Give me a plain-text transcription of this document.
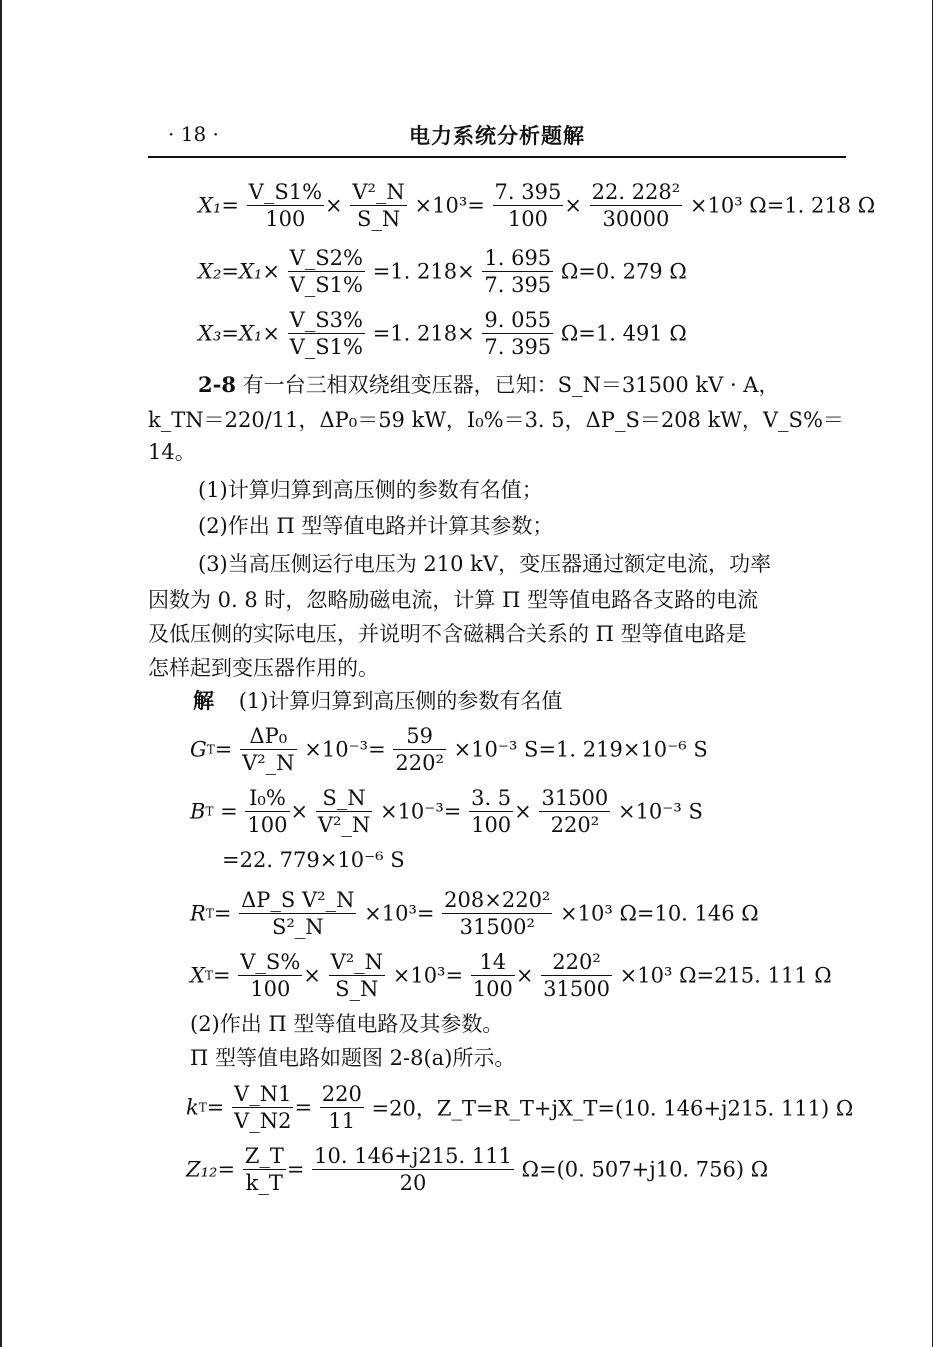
· 18 ·	电力系统分析题解
$X_1= \frac{V\_S1\%}{100} \times \frac{\text{V²\_N}}{S\_N} \times 10^3= \frac{7. 395}{100} \times \frac{\text{22. 228²}}{30000} \times 10^3$ Ω=1. 218 Ω
$X_2=X_1\times \frac{V\_S2\%}{V\_S1\%} =1$. $218\times \frac{1. 695}{7. 395} \Omega=0$. 279 Ω
$X_3=X_1\times \frac{V\_S3\%}{V\_S1\%} =1$. $218\times \frac{9. 055}{7. 395} \Omega=1$. 491 Ω
2-8 有一台三相双绕组变压器，已知：S_N＝31500 kV · A，
k_TN＝220/11，ΔP₀＝59 kW，I₀%＝3. 5，ΔP_S＝208 kW，V_S%＝
14。
(1)计算归算到高压侧的参数有名值；
(2)作出 Π 型等值电路并计算其参数；
(3)当高压侧运行电压为 210 kV，变压器通过额定电流，功率
因数为 0. 8 时，忽略励磁电流，计算 Π 型等值电路各支路的电流
及低压侧的实际电压，并说明不含磁耦合关系的 Π 型等值电路是
怎样起到变压器作用的。
解 (1)计算归算到高压侧的参数有名值
$GT= \frac{\text{ΔP₀}}{\text{V²\_N}} \times 10^{-3}= \frac{59}{\text{220²}} \times 10^{-3}$ S=1. 219×10⁻⁶ S
BT = $\frac{\text{I₀\%}}{100} \times \frac{S\_N}{\text{V²\_N}} \times 10^{-3}= \frac{3. 5}{100} \times \frac{31500}{\text{220²}} \times 10^{-3}$ S
=22. 779×10⁻⁶ S
$RT= \frac{\text{ΔP\_S V²\_N}}{\text{S²\_N}} \times 10^3= \frac{\text{208×220²}}{\text{31500²}} \times 10^3$ Ω=10. 146 Ω
$XT= \frac{V\_S\%}{100} \times \frac{\text{V²\_N}}{S\_N} \times 10^3= \frac{14}{100} \times \frac{\text{220²}}{31500} \times 10^3$ Ω=215. 111 Ω
(2)作出 Π 型等值电路及其参数。
Π 型等值电路如题图 2-8(a)所示。
$kT= \frac{V\_N1}{V\_N2} = \frac{220}{11} =20$，Z_T=R_T+jX_T=(10. 146+j215. 111) Ω
$Z_{12}= \frac{Z\_T}{k\_T} = \frac{10. 146+j215. 111}{20} \Omega=(0$. 507+j10. 756) Ω
